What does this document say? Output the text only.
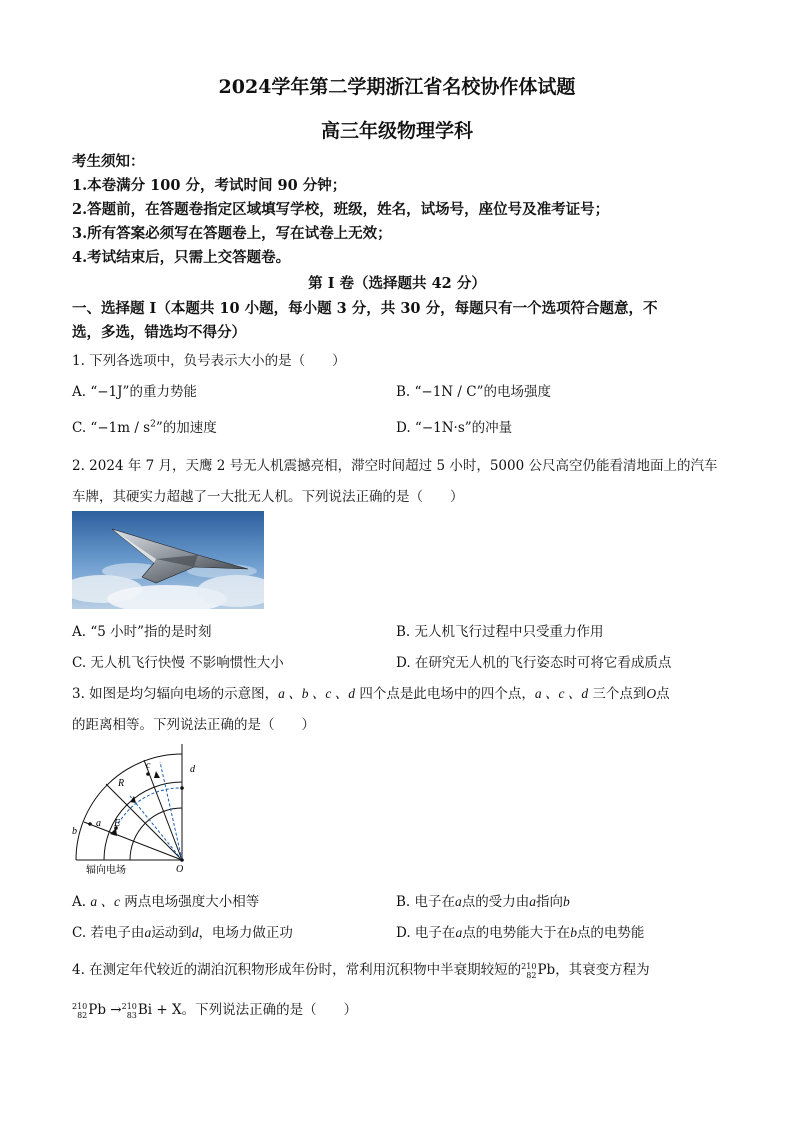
2024学年第二学期浙江省名校协作体试题
高三年级物理学科
考生须知：
1.本卷满分 100 分，考试时间 90 分钟；
2.答题前，在答题卷指定区域填写学校，班级，姓名，试场号，座位号及准考证号；
3.所有答案必须写在答题卷上，写在试卷上无效；
4.考试结束后，只需上交答题卷。
第 I 卷（选择题共 42 分）
一、选择题 I（本题共 10 小题，每小题 3 分，共 30 分，每题只有一个选项符合题意，不
选，多选，错选均不得分）
1. 下列各选项中，负号表示大小的是（　　）
A. “−1J”的重力势能	B. “−1N / C”的电场强度
C. “$-1m / s^2$”的加速度	D. “−1N·s”的冲量
2. 2024 年 7 月，天鹰 2 号无人机震撼亮相，滞空时间超过 5 小时，5000 公尺高空仍能看清地面上的汽车
车牌，其硬实力超越了一大批无人机。下列说法正确的是（　　）
A. “5 小时”指的是时刻	B. 无人机飞行过程中只受重力作用
C. 无人机飞行快慢 不影响惯性大小	D. 在研究无人机的飞行姿态时可将它看成质点
3. 如图是均匀辐向电场的示意图，a 、b 、c 、d 四个点是此电场中的四个点，a 、c 、d 三个点到O点
的距离相等。下列说法正确的是（　　）
b
a
c	d
E
R
O
辐向电场
A. a 、c 两点电场强度大小相等	B. 电子在a点的受力由a指向b
C. 若电子由a运动到d，电场力做正功	D. 电子在a点的电势能大于在b点的电势能
4. 在测定年代较近的湖泊沉积物形成年份时，常利用沉积物中半衰期较短的210
82Pb，其衰变方程为
210
82Pb →210
83Bi + X。下列说法正确的是（　　）
